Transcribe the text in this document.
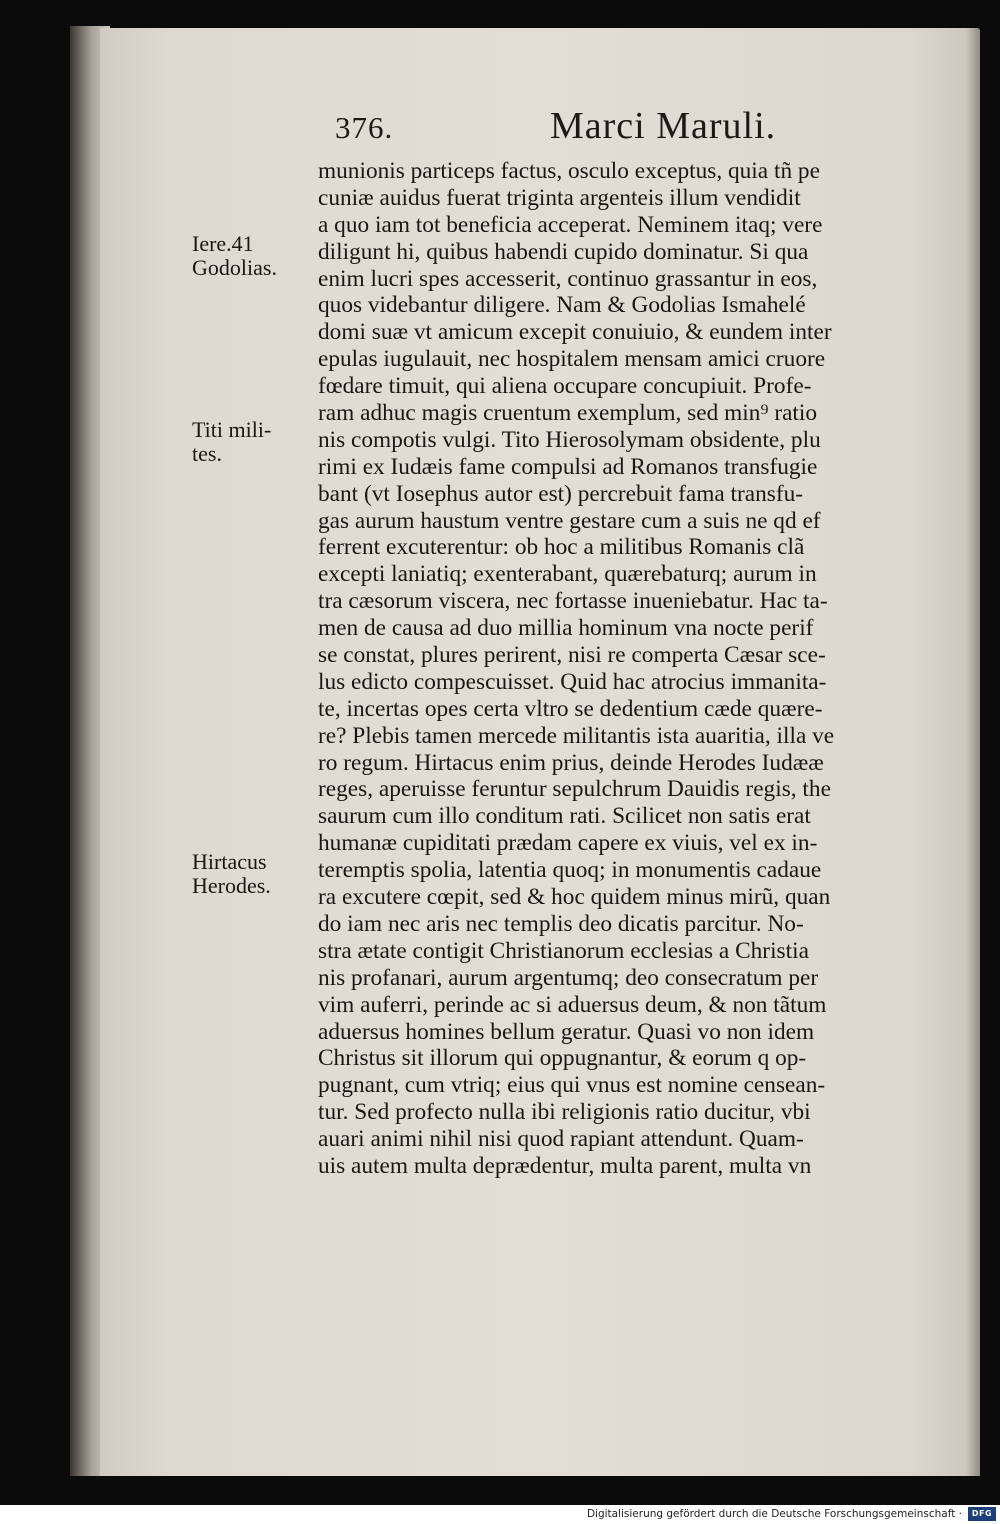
376.	Marci Maruli.
munionis particeps factus, osculo exceptus, quia tñ pe
cuniæ auidus fuerat triginta argenteis illum vendidit
a quo iam tot beneficia acceperat. Neminem itaq; vere
diligunt hi, quibus habendi cupido dominatur. Si qua
enim lucri spes accesserit, continuo grassantur in eos,
quos videbantur diligere. Nam & Godolias Ismahelé
domi suæ vt amicum excepit conuiuio, & eundem inter
epulas iugulauit, nec hospitalem mensam amici cruore
fœdare timuit, qui aliena occupare concupiuit. Profe-
ram adhuc magis cruentum exemplum, sed min⁹ ratio
nis compotis vulgi. Tito Hierosolymam obsidente, plu
rimi ex Iudæis fame compulsi ad Romanos transfugie
bant (vt Iosephus autor est) percrebuit fama transfu-
gas aurum haustum ventre gestare cum a suis ne qd ef
ferrent excuterentur: ob hoc a militibus Romanis clã
excepti laniatiq; exenterabant, quærebaturq; aurum in
tra cæsorum viscera, nec fortasse inueniebatur. Hac ta-
men de causa ad duo millia hominum vna nocte perif
se constat, plures perirent, nisi re comperta Cæsar sce-
lus edicto compescuisset. Quid hac atrocius immanita-
te, incertas opes certa vltro se dedentium cæde quære-
re? Plebis tamen mercede militantis ista auaritia, illa ve
ro regum. Hirtacus enim prius, deinde Herodes Iudææ
reges, aperuisse feruntur sepulchrum Dauidis regis, the
saurum cum illo conditum rati. Scilicet non satis erat
humanæ cupiditati prædam capere ex viuis, vel ex in-
teremptis spolia, latentia quoq; in monumentis cadaue
ra excutere cœpit, sed & hoc quidem minus mirũ, quan
do iam nec aris nec templis deo dicatis parcitur. No-
stra ætate contigit Christianorum ecclesias a Christia
nis profanari, aurum argentumq; deo consecratum per
vim auferri, perinde ac si aduersus deum, & non tãtum
aduersus homines bellum geratur. Quasi vo non idem
Christus sit illorum qui oppugnantur, & eorum q op-
pugnant, cum vtriq; eius qui vnus est nomine censean-
tur. Sed profecto nulla ibi religionis ratio ducitur, vbi
auari animi nihil nisi quod rapiant attendunt. Quam-
uis autem multa deprædentur, multa parent, multa vn
Iere.41
Godolias.
Titi mili-
tes.
Hirtacus
Herodes.
Digitalisierung gefördert durch die Deutsche Forschungsgemeinschaft ·	DFG
